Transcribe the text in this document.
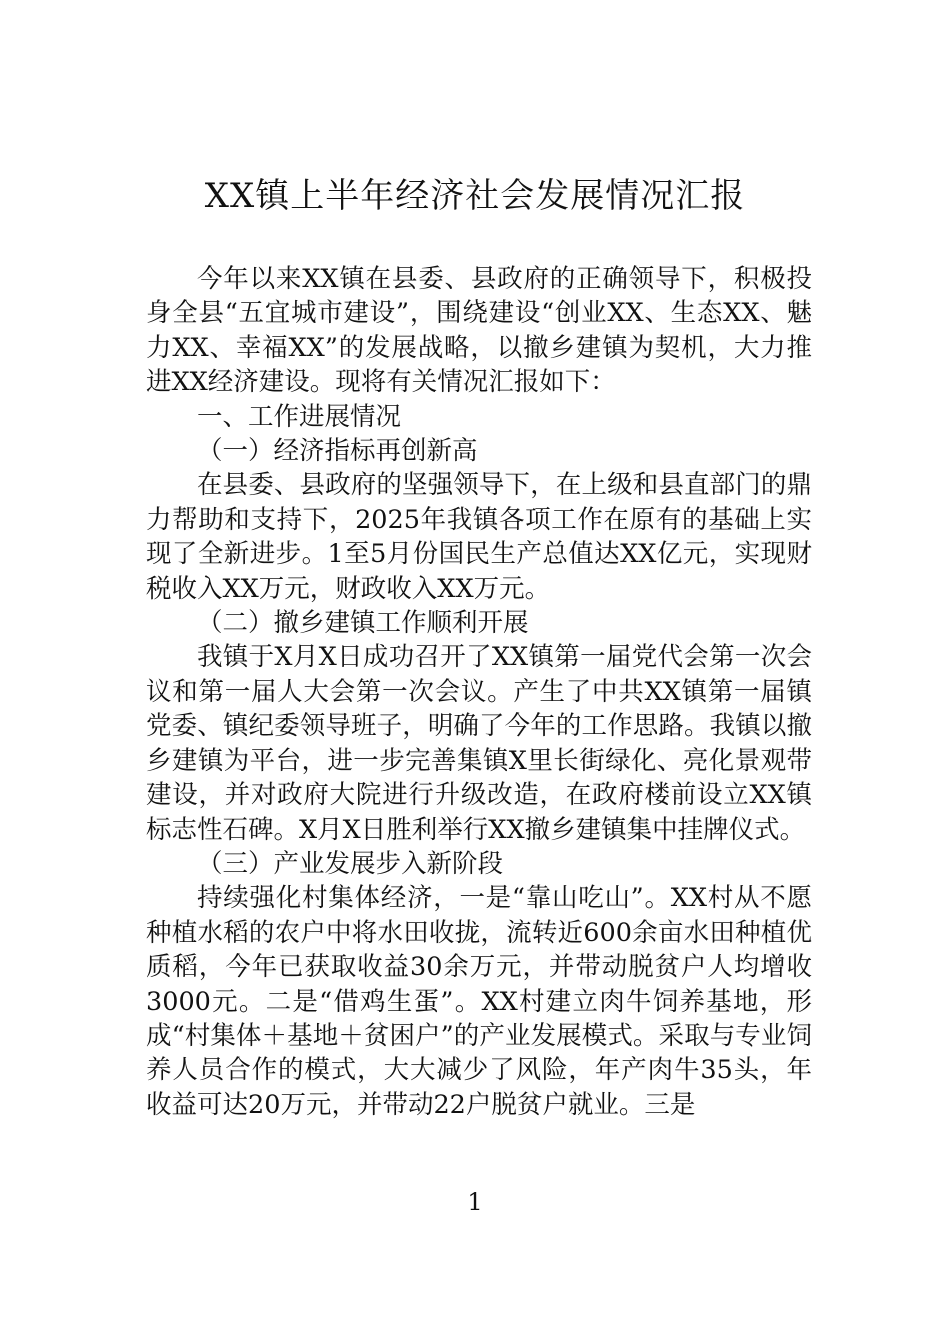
XX镇上半年经济社会发展情况汇报

今年以来XX镇在县委、县政府的正确领导下，积极投身全县“五宜城市建设”，围绕建设“创业XX、生态XX、魅力XX、幸福XX”的发展战略，以撤乡建镇为契机，大力推进XX经济建设。现将有关情况汇报如下：

一、工作进展情况

（一）经济指标再创新高

在县委、县政府的坚强领导下，在上级和县直部门的鼎力帮助和支持下，2025年我镇各项工作在原有的基础上实现了全新进步。1至5月份国民生产总值达XX亿元，实现财税收入XX万元，财政收入XX万元。

（二）撤乡建镇工作顺利开展

我镇于X月X日成功召开了XX镇第一届党代会第一次会议和第一届人大会第一次会议。产生了中共XX镇第一届镇党委、镇纪委领导班子，明确了今年的工作思路。我镇以撤乡建镇为平台，进一步完善集镇X里长街绿化、亮化景观带建设，并对政府大院进行升级改造，在政府楼前设立XX镇标志性石碑。X月X日胜利举行XX撤乡建镇集中挂牌仪式。

（三）产业发展步入新阶段

持续强化村集体经济，一是“靠山吃山”。XX村从不愿种植水稻的农户中将水田收拢，流转近600余亩水田种植优质稻，今年已获取收益30余万元，并带动脱贫户人均增收3000元。二是“借鸡生蛋”。XX村建立肉牛饲养基地，形成“村集体＋基地＋贫困户”的产业发展模式。采取与专业饲养人员合作的模式，大大减少了风险，年产肉牛35头，年收益可达20万元，并带动22户脱贫户就业。三是

1
